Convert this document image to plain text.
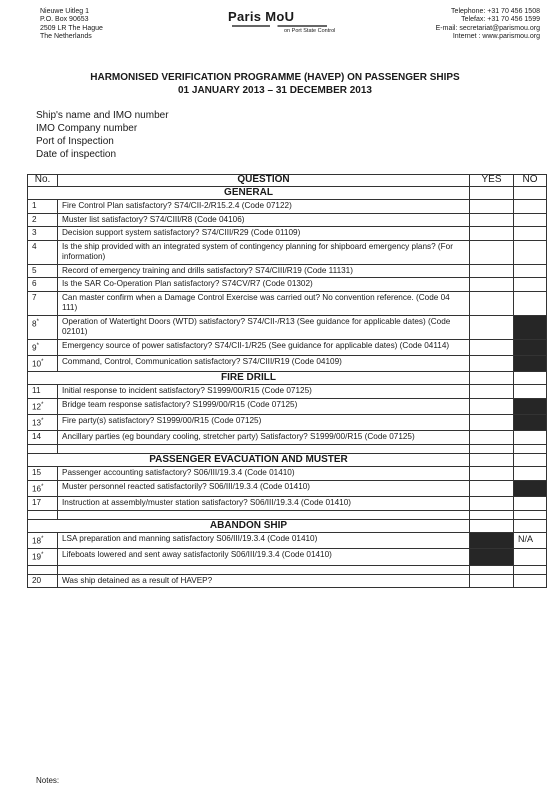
Nieuwe Uitleg 1
P.O. Box 90653
2509 LR The Hague
The Netherlands
Paris MoU
on Port State Control
Telephone: +31 70 456 1508
Telefax: +31 70 456 1599
E-mail: secretariat@parismou.org
Internet : www.parismou.org
HARMONISED VERIFICATION PROGRAMME (HAVEP) ON PASSENGER SHIPS
01 JANUARY 2013 – 31 DECEMBER 2013
Ship's name and IMO number
IMO Company number
Port of Inspection
Date of inspection
No.	QUESTION	YES	NO
GENERAL			
1	Fire Control Plan satisfactory? S74/CII-2/R15.2.4 (Code 07122)		
2	Muster list satisfactory? S74/CIII/R8 (Code 04106)		
3	Decision support system satisfactory? S74/CIII/R29 (Code 01109)		
4	Is the ship provided with an integrated system of contingency planning for shipboard emergency plans? (For information)		
5	Record of emergency training and drills satisfactory? S74/CIII/R19 (Code 11131)		
6	Is the SAR Co-Operation Plan satisfactory? S74CV/R7 (Code 01302)		
7	Can master confirm when a Damage Control Exercise was carried out? No convention reference. (Code 04 111)		
8*	Operation of Watertight Doors (WTD) satisfactory? S74/CII-/R13 (See guidance for applicable dates) (Code 02101)		
9*	Emergency source of power satisfactory? S74/CII-1/R25 (See guidance for applicable dates) (Code 04114)		
10*	Command, Control, Communication satisfactory? S74/CIII/R19 (Code 04109)		
FIRE DRILL			
11	Initial response to incident satisfactory? S1999/00/R15 (Code 07125)		
12*	Bridge team response satisfactory? S1999/00/R15 (Code 07125)		
13*	Fire party(s) satisfactory? S1999/00/R15 (Code 07125)		
14	Ancillary parties (eg boundary cooling, stretcher party) Satisfactory? S1999/00/R15 (Code 07125)		

PASSENGER EVACUATION AND MUSTER			
15	Passenger accounting satisfactory? S06/III/19.3.4 (Code 01410)		
16*	Muster personnel reacted satisfactorily? S06/III/19.3.4 (Code 01410)		
17	Instruction at assembly/muster station satisfactory? S06/III/19.3.4 (Code 01410)		

ABANDON SHIP			
18*	LSA preparation and manning satisfactory S06/III/19.3.4 (Code 01410)		N/A
19*	Lifeboats lowered and sent away satisfactorily S06/III/19.3.4 (Code 01410)		

20	Was ship detained as a result of HAVEP?		
Notes:
